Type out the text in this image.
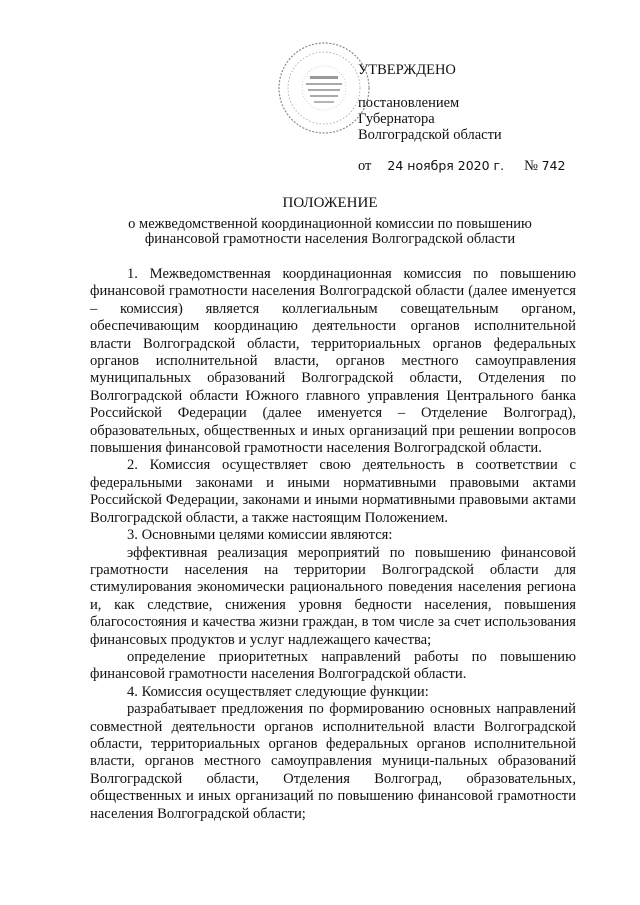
УТВЕРЖДЕНО
постановлением
Губернатора
Волгоградской области
от 24 ноября 2020 г. № 742
ПОЛОЖЕНИЕ
о межведомственной координационной комиссии по повышению
финансовой грамотности населения Волгоградской области

1. Межведомственная координационная комиссия по повышению финансовой грамотности населения Волгоградской области (далее именуется – комиссия) является коллегиальным совещательным органом, обеспечивающим координацию деятельности органов исполнительной власти Волгоградской области, территориальных органов федеральных органов исполнительной власти, органов местного самоуправления муниципальных образований Волгоградской области, Отделения по Волгоградской области Южного главного управления Центрального банка Российской Федерации (далее именуется – Отделение Волгоград), образовательных, общественных и иных организаций при решении вопросов повышения финансовой грамотности населения Волгоградской области.

2. Комиссия осуществляет свою деятельность в соответствии с федеральными законами и иными нормативными правовыми актами Российской Федерации, законами и иными нормативными правовыми актами Волгоградской области, а также настоящим Положением.

3. Основными целями комиссии являются:

эффективная реализация мероприятий по повышению финансовой грамотности населения на территории Волгоградской области для стимулирования экономически рационального поведения населения региона и, как следствие, снижения уровня бедности населения, повышения благосостояния и качества жизни граждан, в том числе за счет использования финансовых продуктов и услуг надлежащего качества;

определение приоритетных направлений работы по повышению финансовой грамотности населения Волгоградской области.

4. Комиссия осуществляет следующие функции:

разрабатывает предложения по формированию основных направлений совместной деятельности органов исполнительной власти Волгоградской области, территориальных органов федеральных органов исполнительной власти, органов местного самоуправления муници-пальных образований Волгоградской области, Отделения Волгоград, образовательных, общественных и иных организаций по повышению финансовой грамотности населения Волгоградской области;
